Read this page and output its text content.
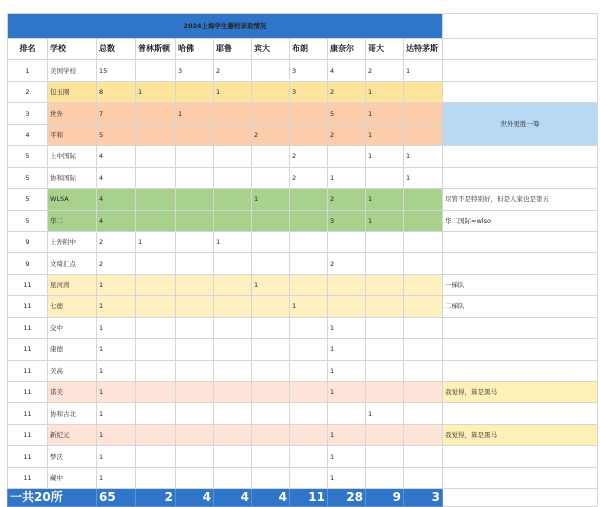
2024上海学生藤校录取情况											
排名	学校	总数	普林斯顿	哈佛	耶鲁	宾大	布朗	康奈尔	哥大	达特茅斯	
1	美国学校	15		3	2		3	4	2	1	
2	包玉刚	8	1		1		3	2	1		
3	世外	7		1				5	1		世外更胜一筹
4	平和	5				2		2	1		
5	上中国际	4					2		1	1	
5	协和国际	4					2	1		1	
5	WLSA	4				1		2	1		尽管不是特别好，但是人家也是第五
5	华二	4						3	1		华二国际=wlso
9	上外附中	2	1		1						
9	文绮汇点	2						2			
11	星河湾	1				1					一梯队
11	七德	1					1				二梯队
11	交中	1						1			
11	康德	1						1			
11	美高	1						1			
11	诺美	1						1			我觉得，算是黑马
11	协和古北	1							1		
11	新纪元	1						1			我觉得，算是黑马
11	梦沃	1						1			
11	藏中	1						1			
一共20所		65	2	4	4	4	11	28	9	3	
